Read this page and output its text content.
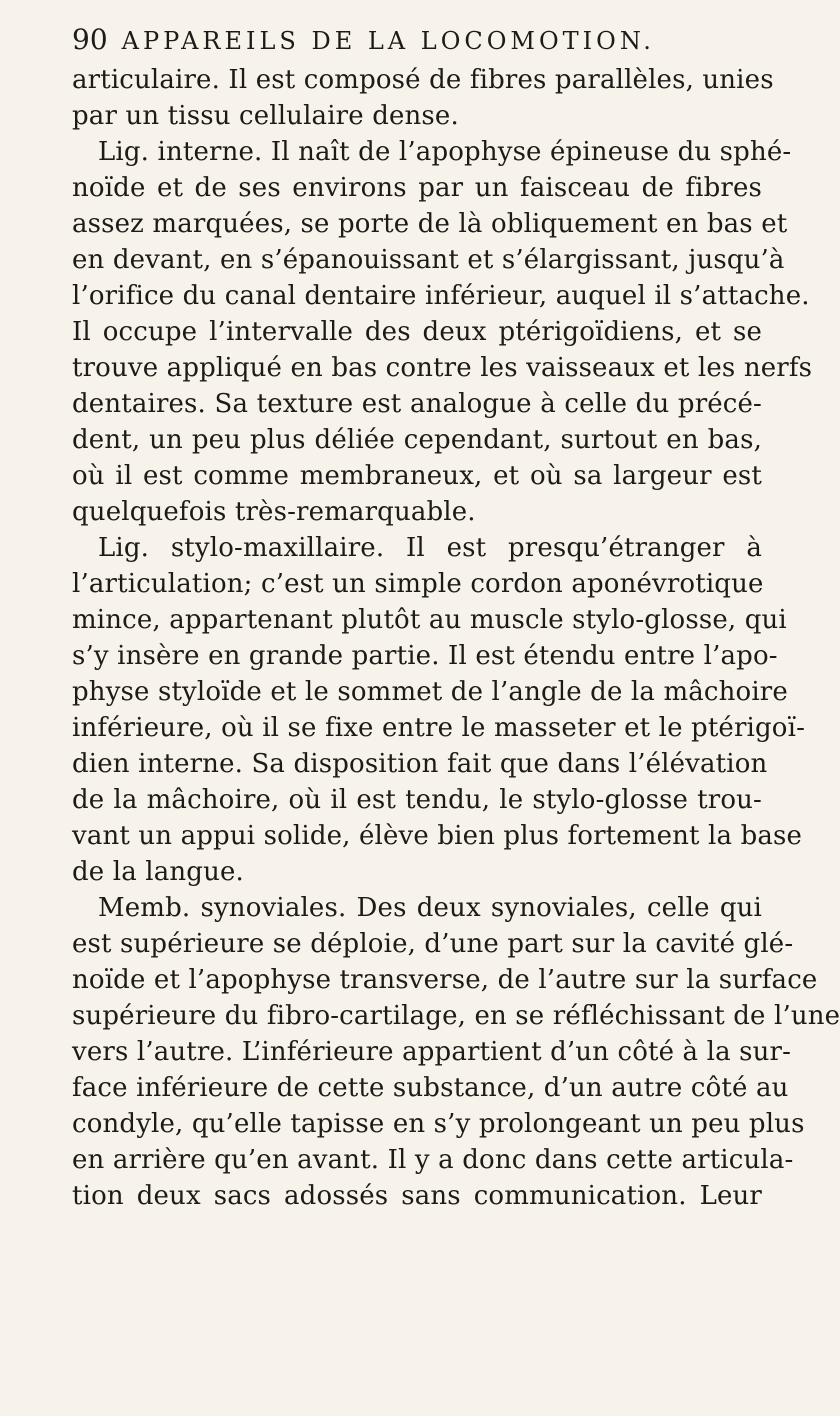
90 APPAREILS DE LA LOCOMOTION.
articulaire. Il est composé de fibres parallèles, unies
par un tissu cellulaire dense.
Lig. interne. Il naît de l’apophyse épineuse du sphé-
noïde et de ses environs par un faisceau de fibres
assez marquées, se porte de là obliquement en bas et
en devant, en s’épanouissant et s’élargissant, jusqu’à
l’orifice du canal dentaire inférieur, auquel il s’attache.
Il occupe l’intervalle des deux ptérigoïdiens, et se
trouve appliqué en bas contre les vaisseaux et les nerfs
dentaires. Sa texture est analogue à celle du précé-
dent, un peu plus déliée cependant, surtout en bas,
où il est comme membraneux, et où sa largeur est
quelquefois très-remarquable.
Lig. stylo-maxillaire. Il est presqu’étranger à
l’articulation; c’est un simple cordon aponévrotique
mince, appartenant plutôt au muscle stylo-glosse, qui
s’y insère en grande partie. Il est étendu entre l’apo-
physe styloïde et le sommet de l’angle de la mâchoire
inférieure, où il se fixe entre le masseter et le ptérigoï-
dien interne. Sa disposition fait que dans l’élévation
de la mâchoire, où il est tendu, le stylo-glosse trou-
vant un appui solide, élève bien plus fortement la base
de la langue.
Memb. synoviales. Des deux synoviales, celle qui
est supérieure se déploie, d’une part sur la cavité glé-
noïde et l’apophyse transverse, de l’autre sur la surface
supérieure du fibro-cartilage, en se réfléchissant de l’une
vers l’autre. L’inférieure appartient d’un côté à la sur-
face inférieure de cette substance, d’un autre côté au
condyle, qu’elle tapisse en s’y prolongeant un peu plus
en arrière qu’en avant. Il y a donc dans cette articula-
tion deux sacs adossés sans communication. Leur
